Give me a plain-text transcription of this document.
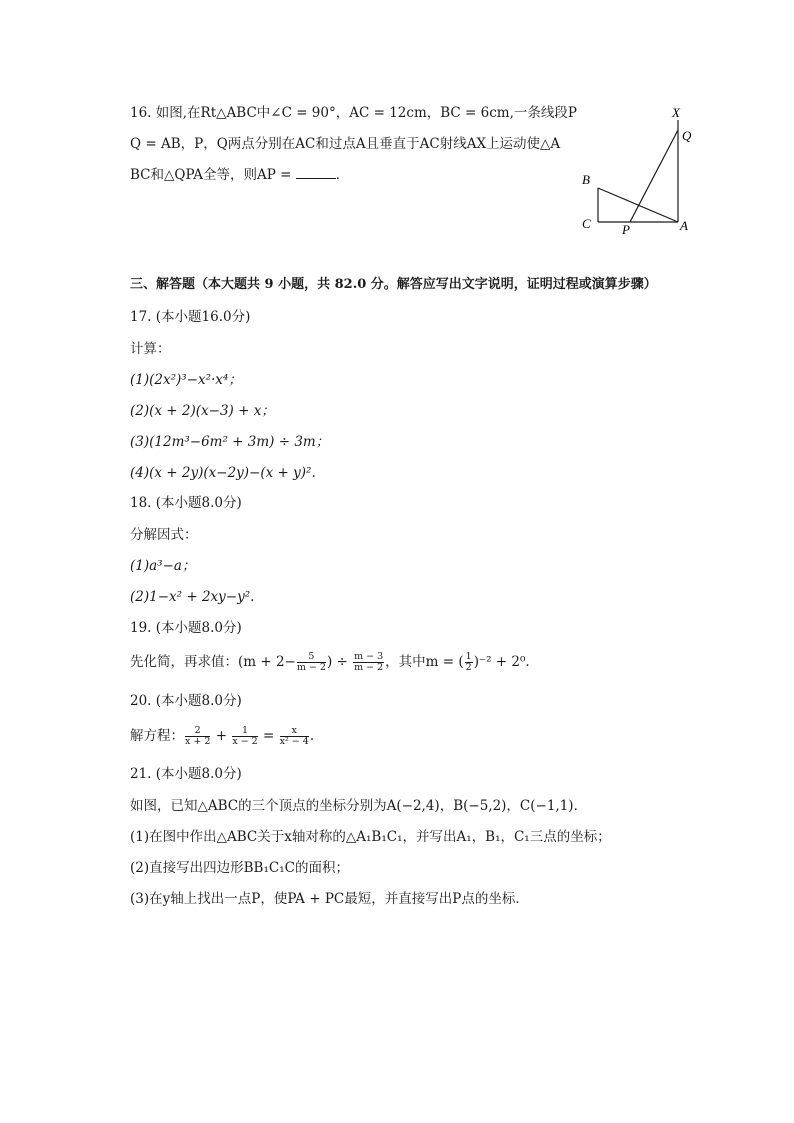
16. 如图,在Rt△ABC中∠C = 90°，AC = 12cm，BC = 6cm,一条线段P
Q = AB，P，Q两点分别在AC和过点A且垂直于AC射线AX上运动使△A
BC和△QPA全等，则AP =	．
X
Q
B
C P	A
三、解答题（本大题共 9 小题，共 82.0 分。解答应写出文字说明，证明过程或演算步骤）
17. (本小题16.0分)
计算：
(1)(2x²)³−x²·x⁴；
(2)(x + 2)(x−3) + x；
(3)(12m³−6m² + 3m) ÷ 3m；
(4)(x + 2y)(x−2y)−(x + y)².
18. (本小题8.0分)
分解因式：
(1)a³−a；
(2)1−x² + 2xy−y².
19. (本小题8.0分)
先化简，再求值：($m + 2- \frac{5}{m - 2}$ ) ÷ $\frac{m - 3}{m - 2}$ ，其中m = ( $\frac{1}{2} )^{-2} + 2^0$.
20. (本小题8.0分)
解方程： $\frac{2}{x + 2} + \frac{1}{x - 2} = \frac{x}{\text{x² − 4}}$ .
21. (本小题8.0分)
如图，已知△ABC的三个顶点的坐标分别为A(−2,4)，B(−5,2)，C(−1,1)．
(1)在图中作出△ABC关于x轴对称的△A₁B₁C₁，并写出A₁，B₁，C₁三点的坐标；
(2)直接写出四边形BB₁C₁C的面积；
(3)在y轴上找出一点P，使PA + PC最短，并直接写出P点的坐标．
